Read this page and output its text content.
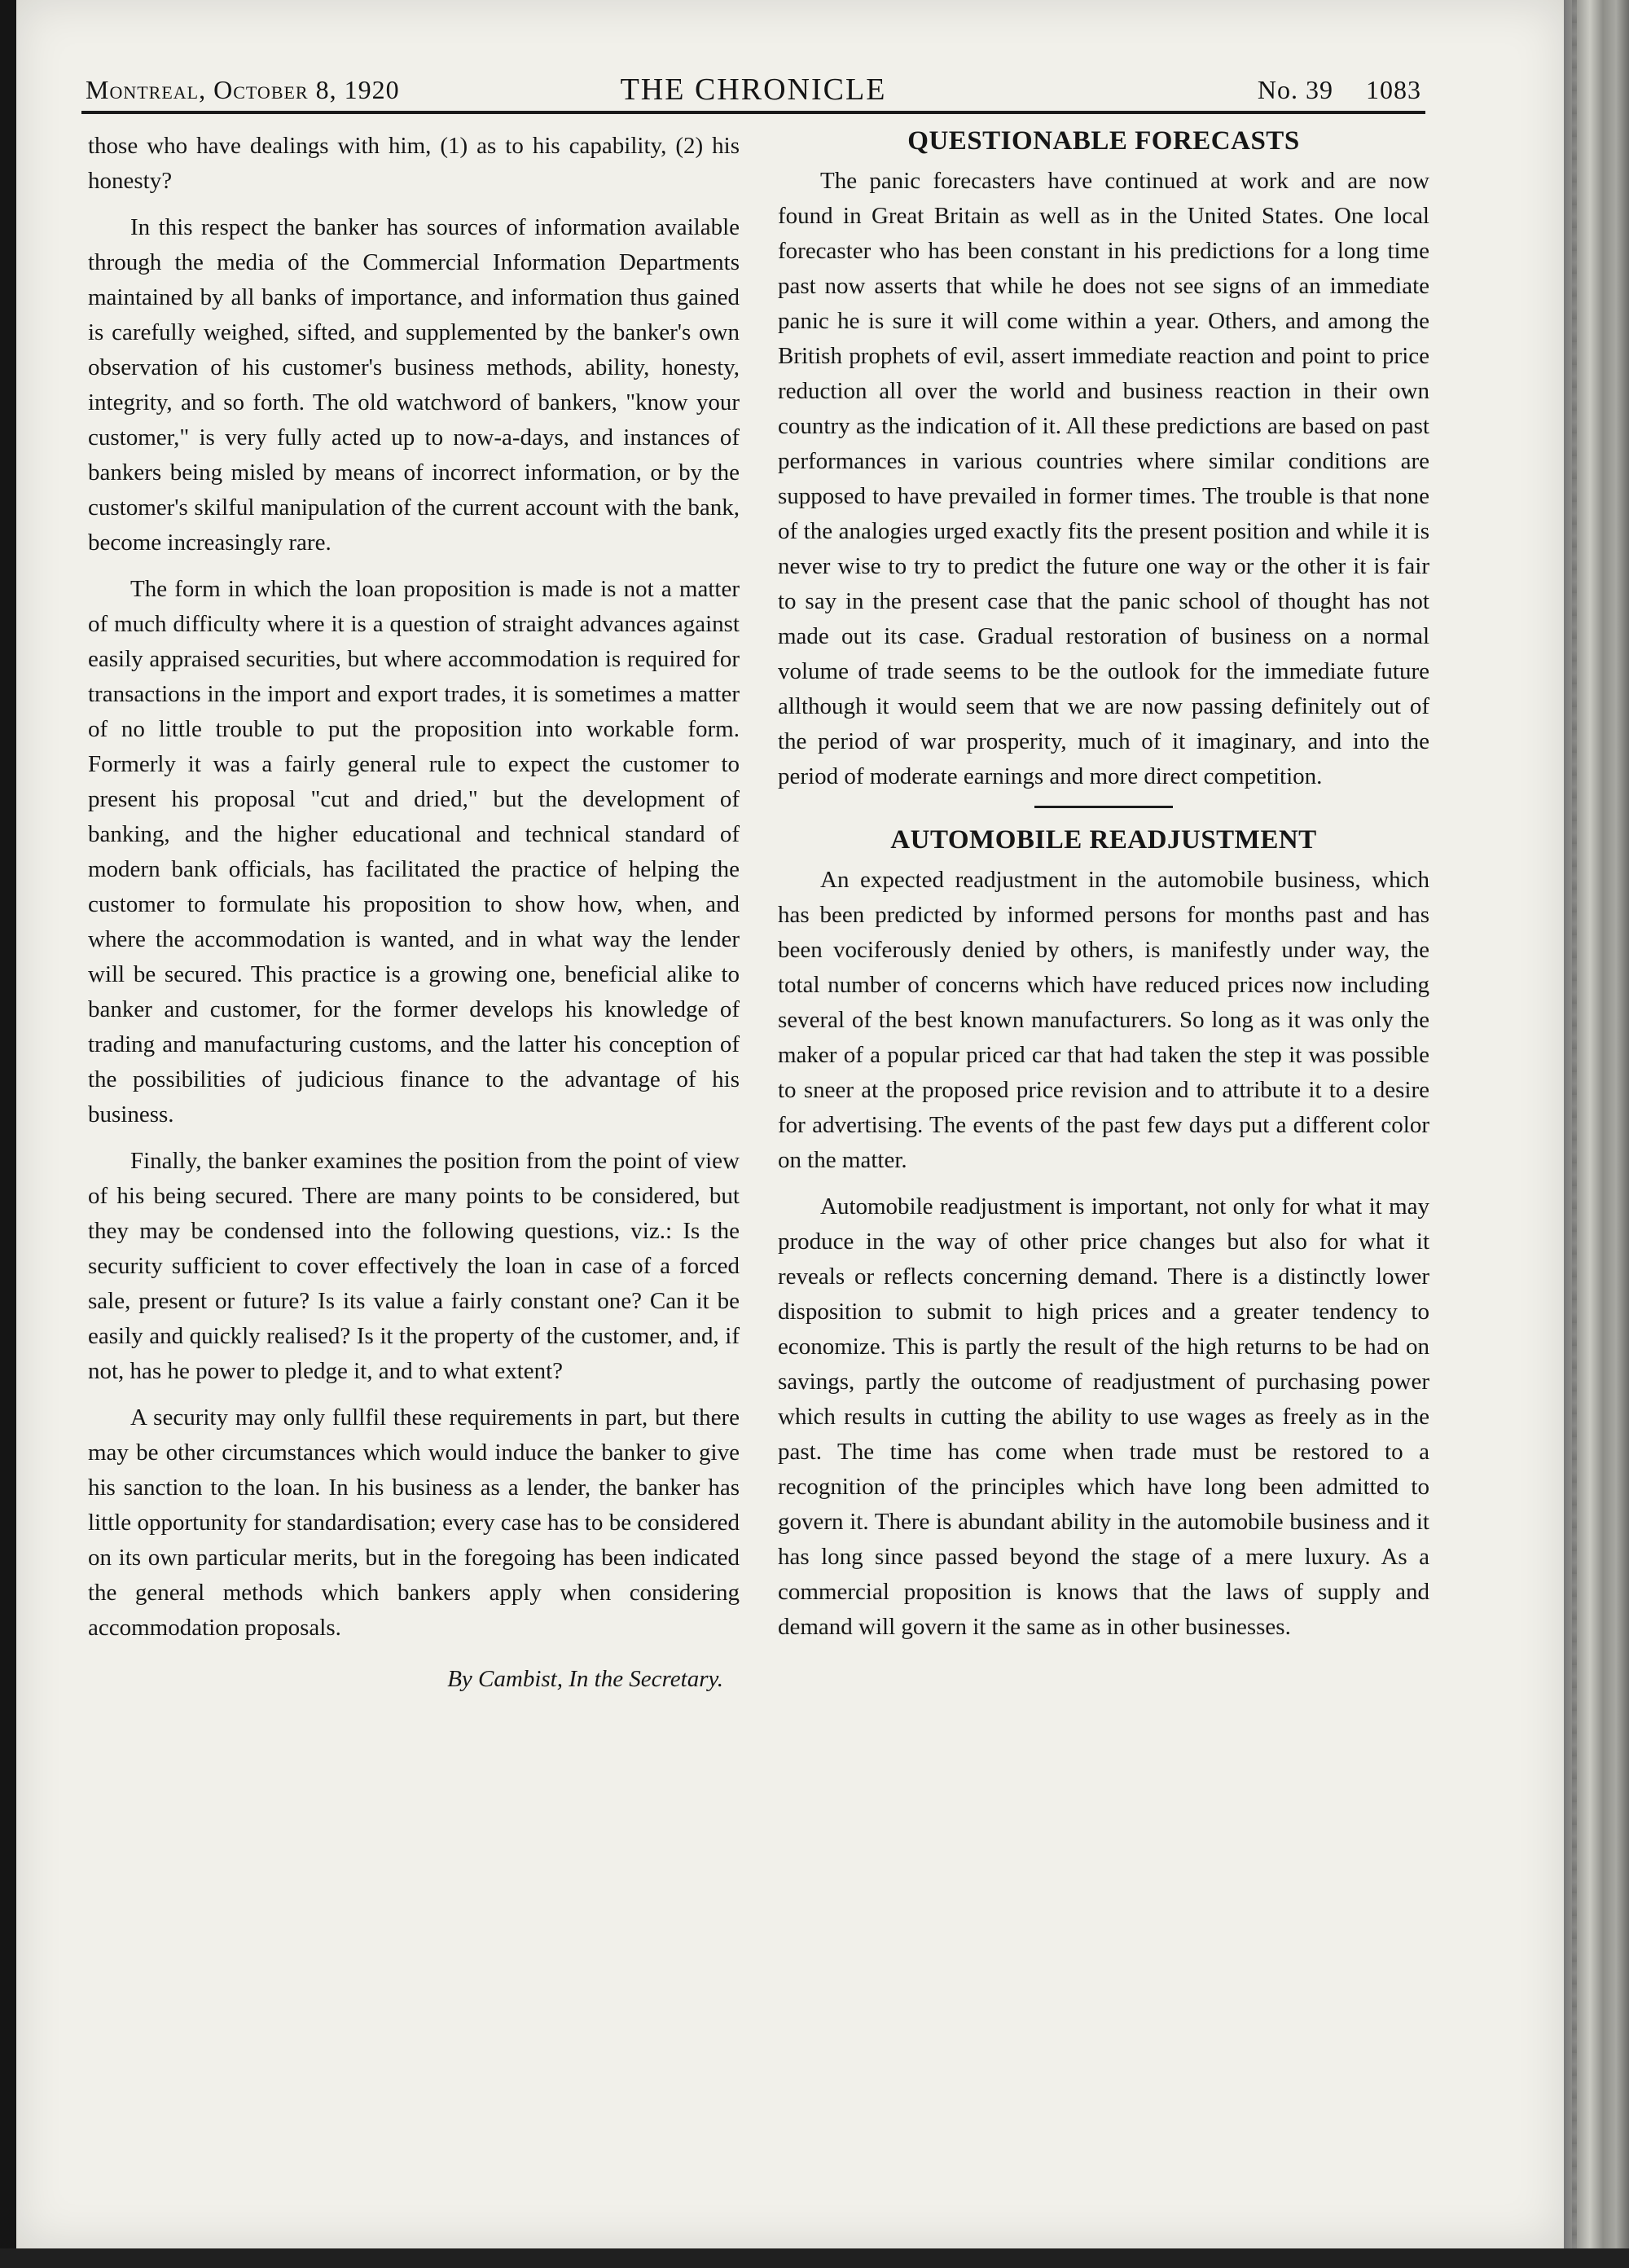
Montreal, October 8, 1920	THE CHRONICLE	No. 39 1083

those who have dealings with him, (1) as to his capability, (2) his honesty?

In this respect the banker has sources of information available through the media of the Commercial Information Departments maintained by all banks of importance, and information thus gained is carefully weighed, sifted, and supplemented by the banker's own observation of his customer's business methods, ability, honesty, integrity, and so forth. The old watchword of bankers, "know your customer," is very fully acted up to now-a-days, and instances of bankers being misled by means of incorrect information, or by the customer's skilful manipulation of the current account with the bank, become increasingly rare.

The form in which the loan proposition is made is not a matter of much difficulty where it is a question of straight advances against easily appraised securities, but where accommodation is required for transactions in the import and export trades, it is sometimes a matter of no little trouble to put the proposition into workable form. Formerly it was a fairly general rule to expect the customer to present his proposal "cut and dried," but the development of banking, and the higher educational and technical standard of modern bank officials, has facilitated the practice of helping the customer to formulate his proposition to show how, when, and where the accommodation is wanted, and in what way the lender will be secured. This practice is a growing one, beneficial alike to banker and customer, for the former develops his knowledge of trading and manufacturing customs, and the latter his conception of the possibilities of judicious finance to the advantage of his business.

Finally, the banker examines the position from the point of view of his being secured. There are many points to be considered, but they may be condensed into the following questions, viz.: Is the security sufficient to cover effectively the loan in case of a forced sale, present or future? Is its value a fairly constant one? Can it be easily and quickly realised? Is it the property of the customer, and, if not, has he power to pledge it, and to what extent?

A security may only fullfil these requirements in part, but there may be other circumstances which would induce the banker to give his sanction to the loan. In his business as a lender, the banker has little opportunity for standardisation; every case has to be considered on its own particular merits, but in the foregoing has been indicated the general methods which bankers apply when considering accommodation proposals.

By Cambist, In the Secretary.

QUESTIONABLE FORECASTS

The panic forecasters have continued at work and are now found in Great Britain as well as in the United States. One local forecaster who has been constant in his predictions for a long time past now asserts that while he does not see signs of an immediate panic he is sure it will come within a year. Others, and among the British prophets of evil, assert immediate reaction and point to price reduction all over the world and business reaction in their own country as the indication of it. All these predictions are based on past performances in various countries where similar conditions are supposed to have prevailed in former times. The trouble is that none of the analogies urged exactly fits the present position and while it is never wise to try to predict the future one way or the other it is fair to say in the present case that the panic school of thought has not made out its case. Gradual restoration of business on a normal volume of trade seems to be the outlook for the immediate future allthough it would seem that we are now passing definitely out of the period of war prosperity, much of it imaginary, and into the period of moderate earnings and more direct competition.

AUTOMOBILE READJUSTMENT

An expected readjustment in the automobile business, which has been predicted by informed persons for months past and has been vociferously denied by others, is manifestly under way, the total number of concerns which have reduced prices now including several of the best known manufacturers. So long as it was only the maker of a popular priced car that had taken the step it was possible to sneer at the proposed price revision and to attribute it to a desire for advertising. The events of the past few days put a different color on the matter.

Automobile readjustment is important, not only for what it may produce in the way of other price changes but also for what it reveals or reflects concerning demand. There is a distinctly lower disposition to submit to high prices and a greater tendency to economize. This is partly the result of the high returns to be had on savings, partly the outcome of readjustment of purchasing power which results in cutting the ability to use wages as freely as in the past. The time has come when trade must be restored to a recognition of the principles which have long been admitted to govern it. There is abundant ability in the automobile business and it has long since passed beyond the stage of a mere luxury. As a commercial proposition is knows that the laws of supply and demand will govern it the same as in other businesses.
